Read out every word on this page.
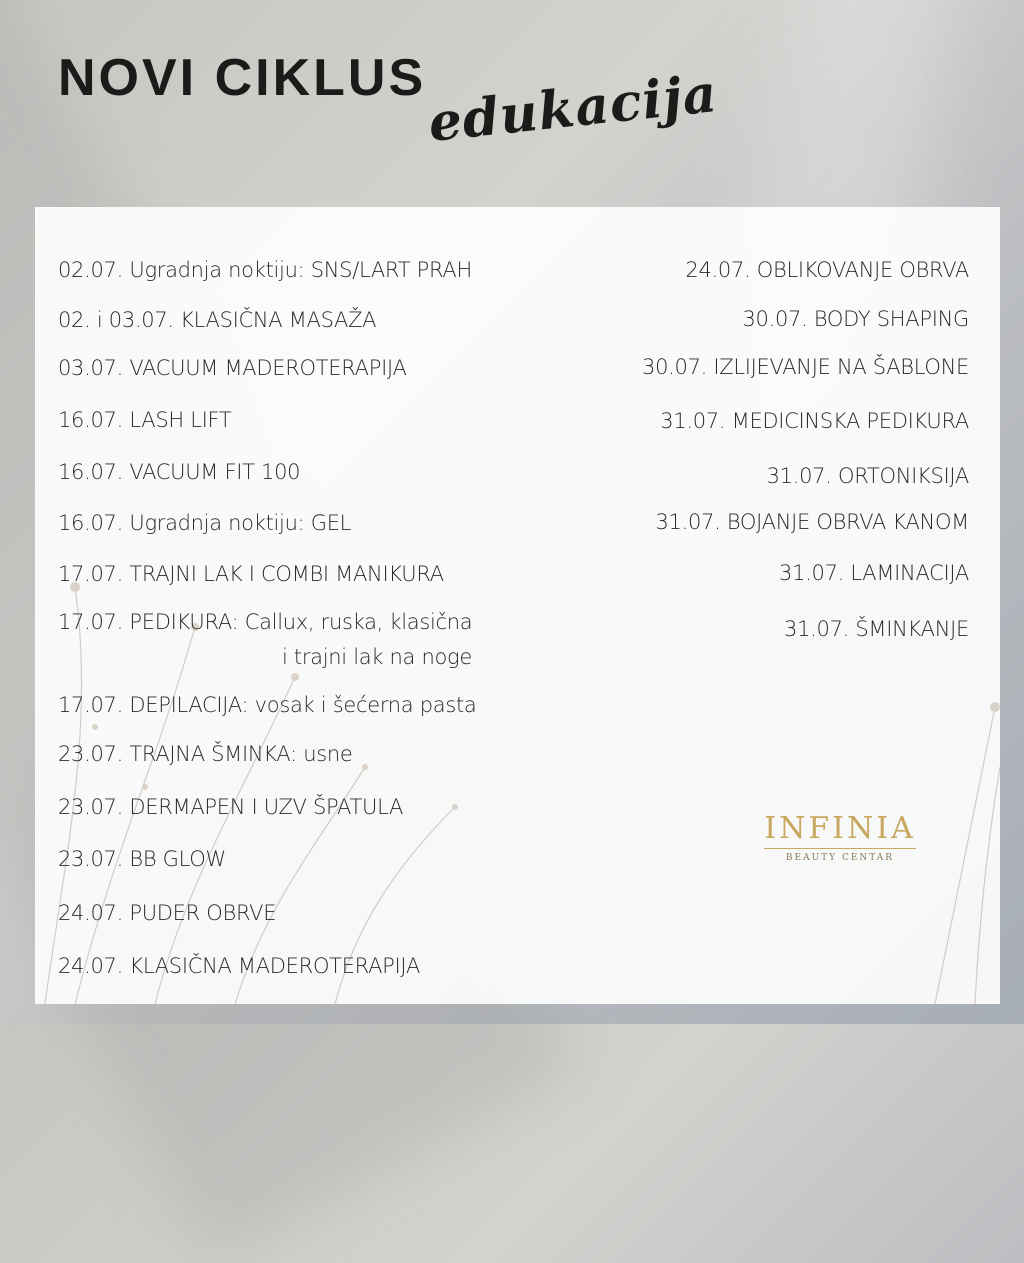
NOVI CIKLUS edukacija

02.07. Ugradnja noktiju: SNS/LART PRAH

02. i 03.07. KLASIČNA MASAŽA

03.07. VACUUM MADEROTERAPIJA

16.07. LASH LIFT

16.07. VACUUM FIT 100

16.07. Ugradnja noktiju: GEL

17.07. TRAJNI LAK I COMBI MANIKURA

17.07. PEDIKURA: Callux, ruska, klasična

i trajni lak na noge

17.07. DEPILACIJA: vosak i šećerna pasta

23.07. TRAJNA ŠMINKA: usne

23.07. DERMAPEN I UZV ŠPATULA

23.07. BB GLOW

24.07. PUDER OBRVE

24.07. KLASIČNA MADEROTERAPIJA

24.07. OBLIKOVANJE OBRVA

30.07. BODY SHAPING

30.07. IZLIJEVANJE NA ŠABLONE

31.07. MEDICINSKA PEDIKURA

31.07. ORTONIKSIJA

31.07. BOJANJE OBRVA KANOM

31.07. LAMINACIJA

31.07. ŠMINKANJE

INFINIA
BEAUTY CENTAR
